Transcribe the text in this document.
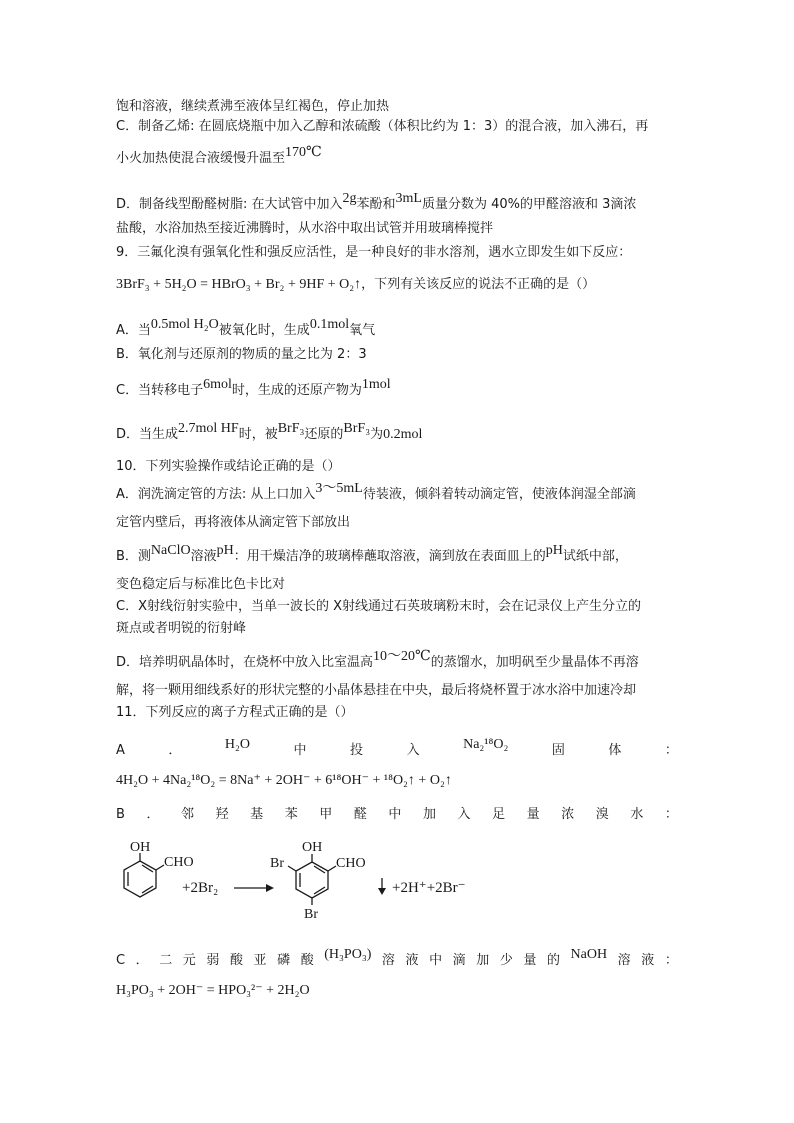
饱和溶液，继续煮沸至液体呈红褐色，停止加热
C．制备乙烯: 在圆底烧瓶中加入乙醇和浓硫酸（体积比约为 1：3）的混合液，加入沸石，再
小火加热使混合液缓慢升温至170℃
D．制备线型酚醛树脂: 在大试管中加入2g苯酚和3mL质量分数为 40%的甲醛溶液和 3滴浓
盐酸，水浴加热至接近沸腾时，从水浴中取出试管并用玻璃棒搅拌
9．三氟化溴有强氧化性和强反应活性，是一种良好的非水溶剂，遇水立即发生如下反应：
3BrF₃ + 5H₂O = HBrO₃ + Br₂ + 9HF + O₂↑，下列有关该反应的说法不正确的是（）
A．当0.5mol H₂O被氧化时，生成0.1mol氧气
B．氧化剂与还原剂的物质的量之比为 2：3
C．当转移电子6mol时，生成的还原产物为1mol
D．当生成2.7mol HF时，被BrF₃还原的BrF₃为0.2mol
10．下列实验操作或结论正确的是（）
A．润洗滴定管的方法: 从上口加入3～5mL待装液，倾斜着转动滴定管，使液体润湿全部滴
定管内壁后，再将液体从滴定管下部放出
B．测NaClO溶液pH：用干燥洁净的玻璃棒蘸取溶液，滴到放在表面皿上的pH试纸中部，
变色稳定后与标准比色卡比对
C．X射线衍射实验中，当单一波长的 X射线通过石英玻璃粉末时，会在记录仪上产生分立的
斑点或者明锐的衍射峰
D．培养明矾晶体时，在烧杯中放入比室温高10～20℃的蒸馏水，加明矾至少量晶体不再溶
解，将一颗用细线系好的形状完整的小晶体悬挂在中央，最后将烧杯置于冰水浴中加速冷却
11．下列反应的离子方程式正确的是（）
A	．	H₂O	中	投	入	Na₂¹⁸O₂	固	体	：
4H₂O + 4Na₂¹⁸O₂ = 8Na⁺ + 2OH⁻ + 6¹⁸OH⁻ + ¹⁸O₂↑ + O₂↑
B ． 邻 羟 基 苯 甲 醛 中 加 入 足 量 浓 溴 水 ：
OH
CHO
+2Br₂
OH
CHO
Br
Br
+2H⁺+2Br⁻
C ． 二 元 弱 酸 亚 磷 酸 (H₃PO₃) 溶 液 中 滴 加 少 量 的 NaOH 溶 液 ：
H₃PO₃ + 2OH⁻ = HPO₃²⁻ + 2H₂O
